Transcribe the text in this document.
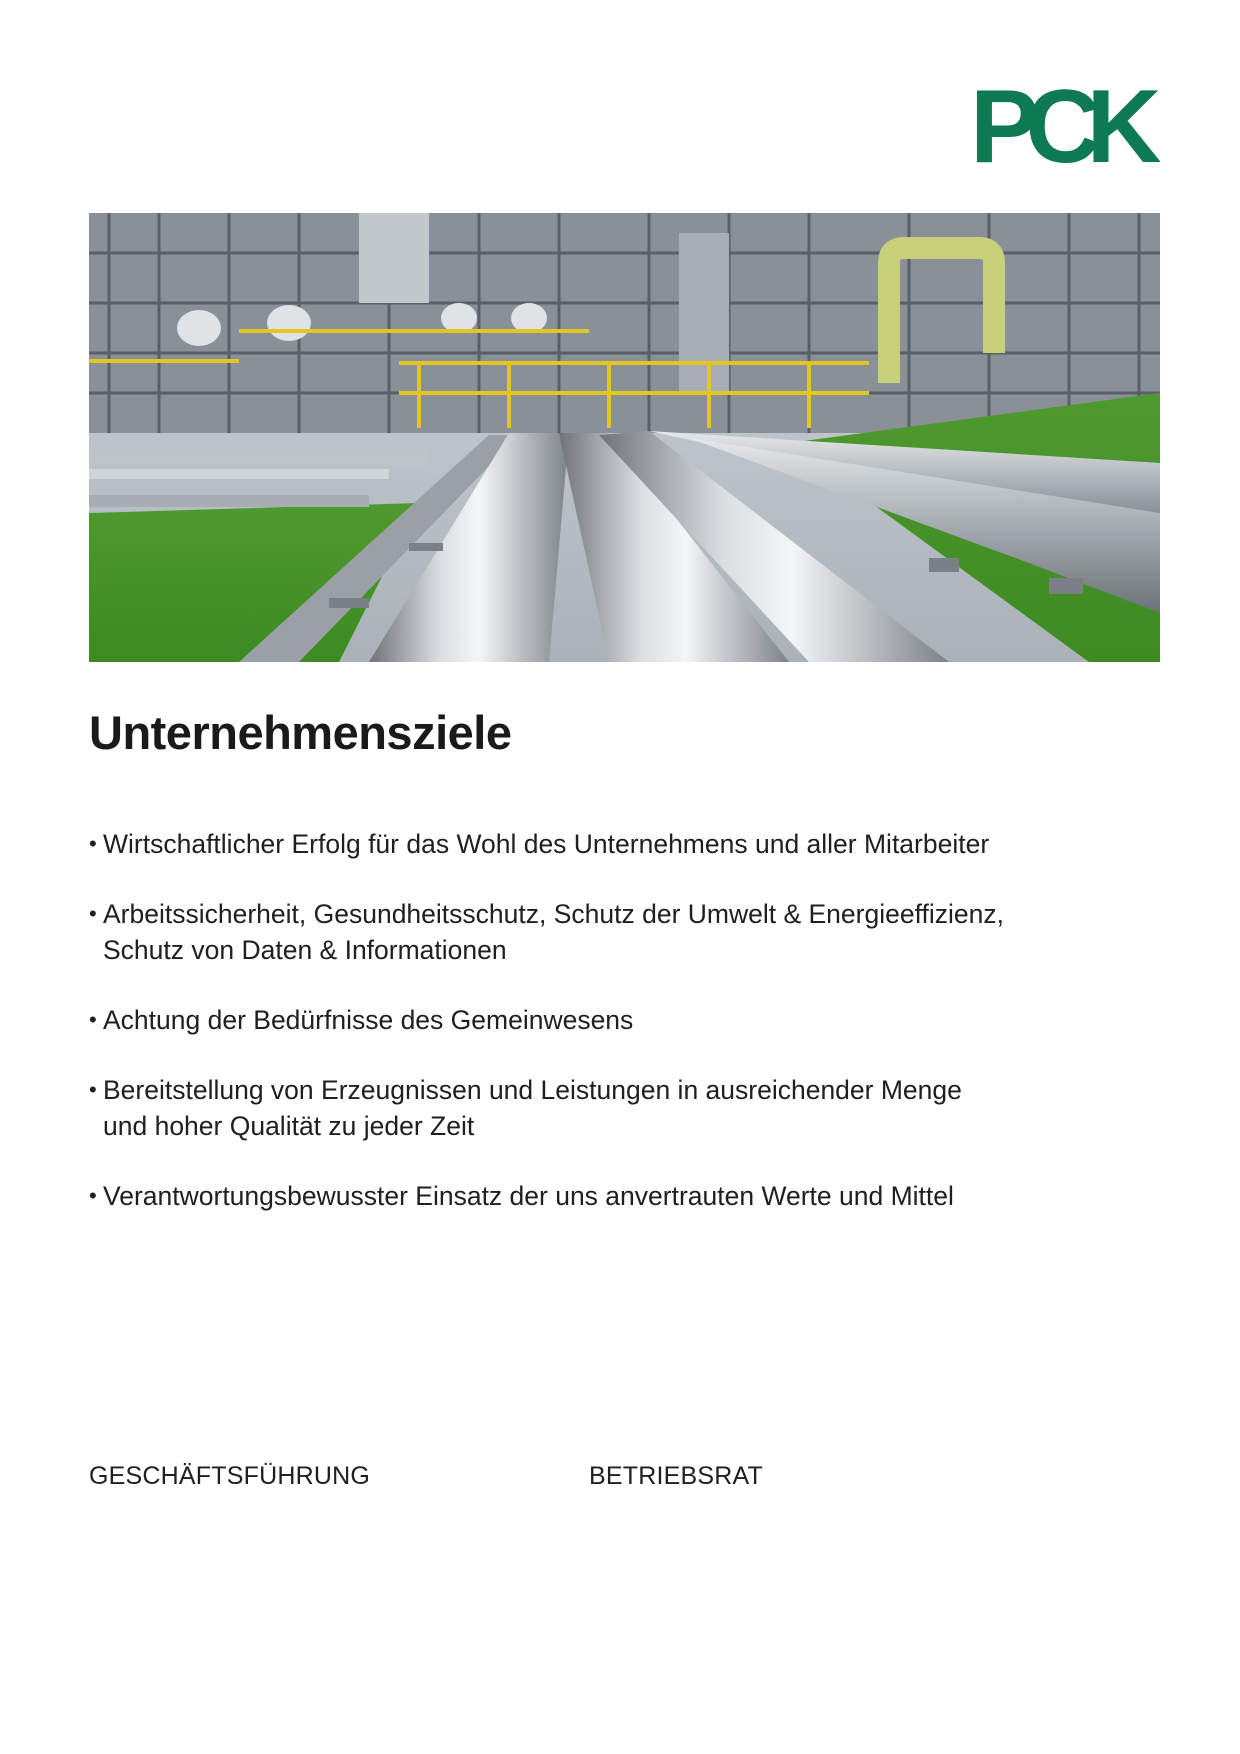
PCK
Unternehmensziele
• Wirtschaftlicher Erfolg für das Wohl des Unternehmens und aller Mitarbeiter
• Arbeitssicherheit, Gesundheitsschutz, Schutz der Umwelt & Energieeffizienz,
Schutz von Daten & Informationen
• Achtung der Bedürfnisse des Gemeinwesens
• Bereitstellung von Erzeugnissen und Leistungen in ausreichender Menge
und hoher Qualität zu jeder Zeit
• Verantwortungsbewusster Einsatz der uns anvertrauten Werte und Mittel
GESCHÄFTSFÜHRUNG	BETRIEBSRAT
